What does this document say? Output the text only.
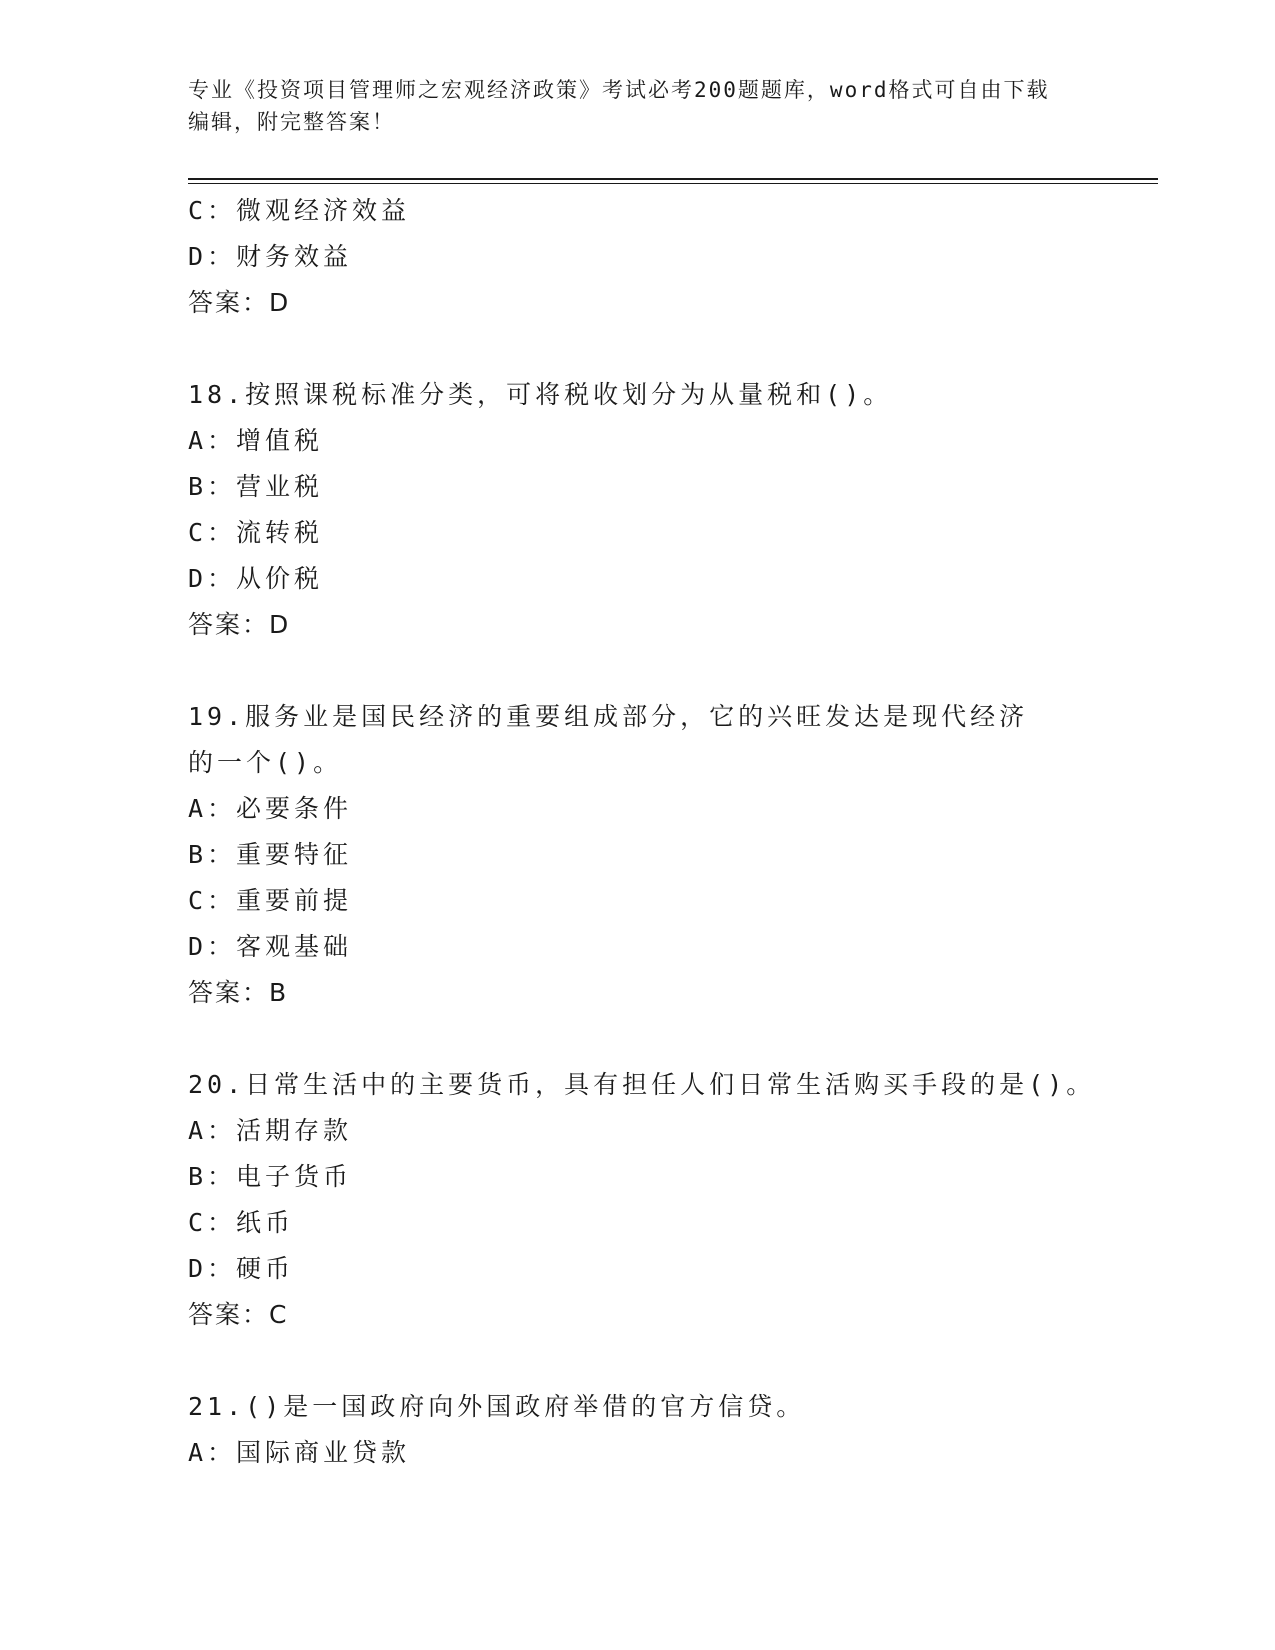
专业《投资项目管理师之宏观经济政策》考试必考200题题库，word格式可自由下载编辑，附完整答案！
C：微观经济效益
D：财务效益
答案：D
18.按照课税标准分类，可将税收划分为从量税和()。
A：增值税
B：营业税
C：流转税
D：从价税
答案：D
19.服务业是国民经济的重要组成部分，它的兴旺发达是现代经济的一个()。
A：必要条件
B：重要特征
C：重要前提
D：客观基础
答案：B
20.日常生活中的主要货币，具有担任人们日常生活购买手段的是()。
A：活期存款
B：电子货币
C：纸币
D：硬币
答案：C
21.()是一国政府向外国政府举借的官方信贷。
A：国际商业贷款
